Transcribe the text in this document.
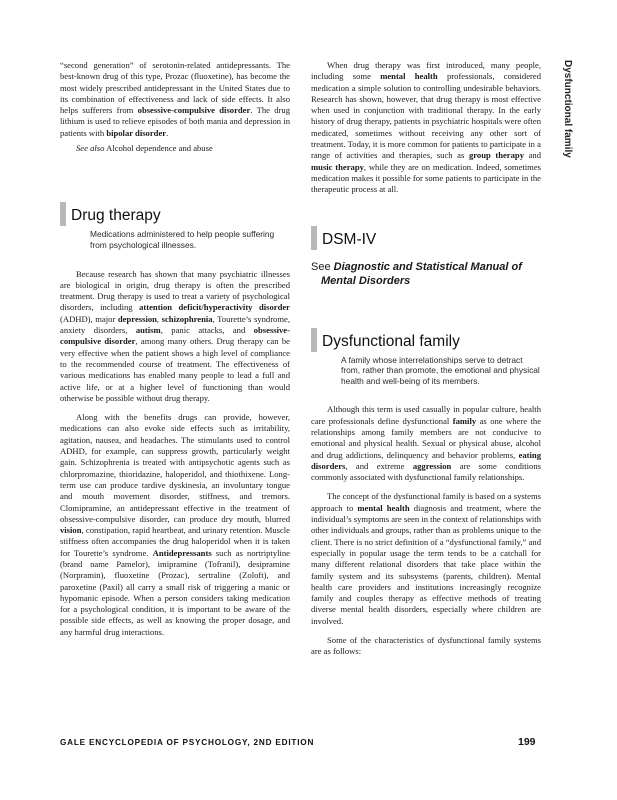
Dysfunctional family

“second generation” of serotonin-related antidepressants. The best-known drug of this type, Prozac (fluoxetine), has become the most widely prescribed antidepressant in the United States due to its combination of effectiveness and lack of side effects. It also helps sufferers from obsessive-compulsive disorder. The drug lithium is used to relieve episodes of both mania and depression in patients with bipolar disorder.

See also Alcohol dependence and abuse

Drug therapy
Medications administered to help people suffering from psychological illnesses.

Because research has shown that many psychiatric illnesses are biological in origin, drug therapy is often the prescribed treatment. Drug therapy is used to treat a variety of psychological disorders, including attention deficit/hyperactivity disorder (ADHD), major depression, schizophrenia, Tourette’s syndrome, anxiety disorders, autism, panic attacks, and obsessive-compulsive disorder, among many others. Drug therapy can be very effective when the patient shows a high level of compliance to the recommended course of treatment. The effectiveness of various medications has enabled many people to lead a full and active life, or at a higher level of functioning than would otherwise be possible without drug therapy.

Along with the benefits drugs can provide, however, medications can also evoke side effects such as irritability, agitation, nausea, and headaches. The stimulants used to control ADHD, for example, can suppress growth, particularly weight gain. Schizophrenia is treated with antipsychotic agents such as chlorpromazine, thioridazine, haloperidol, and thiothixene. Long-term use can produce tardive dyskinesia, an involuntary tongue and mouth movement disorder, stiffness, and tremors. Clomipramine, an antidepressant effective in the treatment of obsessive-compulsive disorder, can produce dry mouth, blurred vision, constipation, rapid heartbeat, and urinary retention. Muscle stiffness often accompanies the drug haloperidol when it is taken for Tourette’s syndrome. Antidepressants such as nortriptyline (brand name Pamelor), imipramine (Tofranil), desipramine (Norpramin), fluoxetine (Prozac), sertraline (Zoloft), and paroxetine (Paxil) all carry a small risk of triggering a manic or hypomanic episode. When a person considers taking medication for a psychological condition, it is important to be aware of the possible side effects, as well as knowing the proper dosage, and any harmful drug interactions.

When drug therapy was first introduced, many people, including some mental health professionals, considered medication a simple solution to controlling undesirable behaviors. Research has shown, however, that drug therapy is most effective when used in conjunction with traditional therapy. In the early history of drug therapy, patients in psychiatric hospitals were often medicated, sometimes without receiving any other sort of treatment. Today, it is more common for patients to participate in a range of activities and therapies, such as group therapy and music therapy, while they are on medication. Indeed, sometimes medication makes it possible for some patients to participate in the therapeutic process at all.

DSM-IV
See Diagnostic and Statistical Manual of
Mental Disorders
Dysfunctional family
A family whose interrelationships serve to detract from, rather than promote, the emotional and physical health and well-being of its members.

Although this term is used casually in popular culture, health care professionals define dysfunctional family as one where the relationships among family members are not conducive to emotional and physical health. Sexual or physical abuse, alcohol and drug addictions, delinquency and behavior problems, eating disorders, and extreme aggression are some conditions commonly associated with dysfunctional family relationships.

The concept of the dysfunctional family is based on a systems approach to mental health diagnosis and treatment, where the individual’s symptoms are seen in the context of relationships with other individuals and groups, rather than as problems unique to the client. There is no strict definition of a “dysfunctional family,” and especially in popular usage the term tends to be a catchall for many different relational disorders that take place within the family system and its subsystems (parents, children). Mental health care providers and institutions increasingly recognize family and couples therapy as effective methods of treating diverse mental health disorders, especially where children are involved.

Some of the characteristics of dysfunctional family systems are as follows:

GALE ENCYCLOPEDIA OF PSYCHOLOGY, 2ND EDITION	199
